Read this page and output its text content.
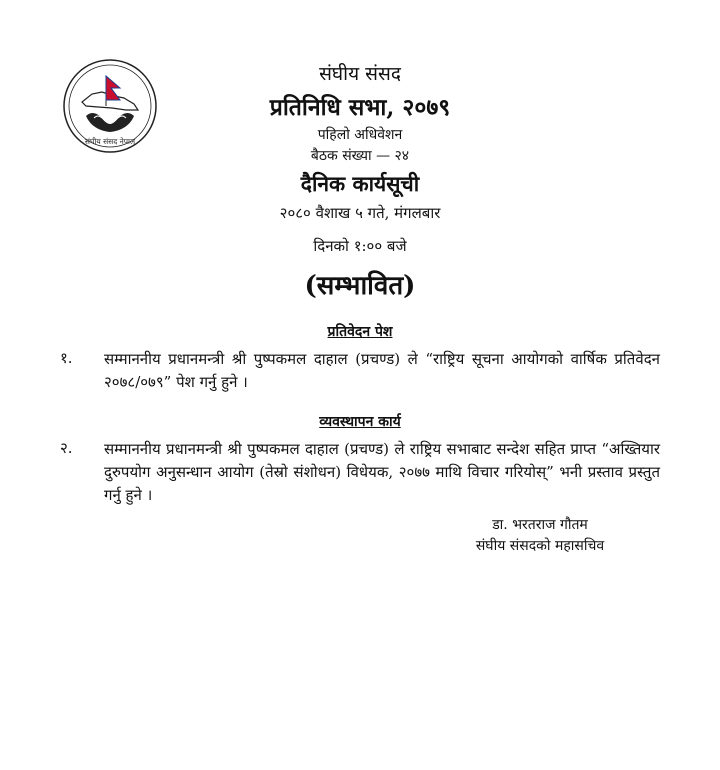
संघीय संसद नेपाल
संघीय संसद
प्रतिनिधि सभा, २०७९
पहिलो अधिवेशन
बैठक संख्या — २४
दैनिक कार्यसूची
२०८० वैशाख ५ गते, मंगलबार
दिनको १:०० बजे
(सम्भावित)
प्रतिवेदन पेश
१. सम्माननीय प्रधानमन्त्री श्री पुष्पकमल दाहाल (प्रचण्ड) ले “राष्ट्रिय सूचना आयोगको वार्षिक प्रतिवेदन २०७८/०७९” पेश गर्नु हुने ।
व्यवस्थापन कार्य
२. सम्माननीय प्रधानमन्त्री श्री पुष्पकमल दाहाल (प्रचण्ड) ले राष्ट्रिय सभाबाट सन्देश सहित प्राप्त “अख्तियार दुरुपयोग अनुसन्धान आयोग (तेस्रो संशोधन) विधेयक, २०७७ माथि विचार गरियोस्” भनी प्रस्ताव प्रस्तुत गर्नु हुने ।
डा. भरतराज गौतम
संघीय संसदको महासचिव
